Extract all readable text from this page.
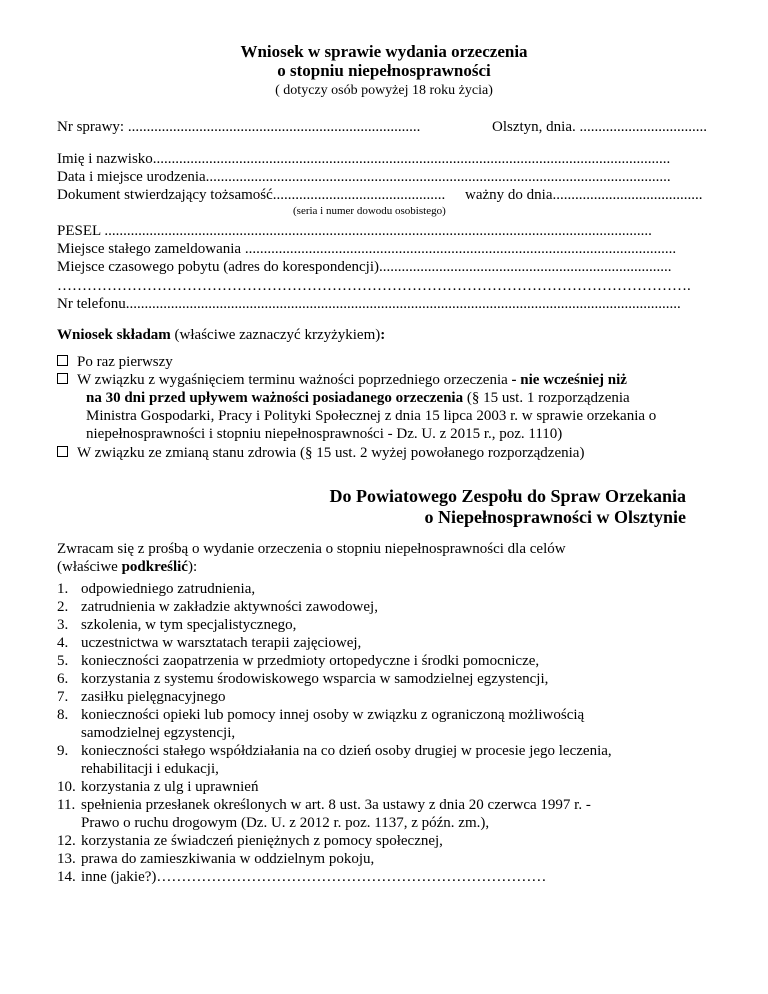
Wniosek w sprawie wydania orzeczenia
o stopniu niepełnosprawności
( dotyczy osób powyżej 18 roku życia)
Nr sprawy: ..............................................................................	Olsztyn, dnia. ..................................
Imię i nazwisko..........................................................................................................................................
Data i miejsce urodzenia............................................................................................................................
Dokument stwierdzający tożsamość.............................................. ważny do dnia........................................
(seria i numer dowodu osobistego)
PESEL ..................................................................................................................................................
Miejsce stałego zameldowania ...................................................................................................................
Miejsce czasowego pobytu (adres do korespondencji)..............................................................................
……………………………………………………………………………………………………………….
Nr telefonu....................................................................................................................................................
Wniosek składam (właściwe zaznaczyć krzyżykiem):
Po raz pierwszy
W związku z wygaśnięciem terminu ważności poprzedniego orzeczenia - nie wcześniej niż
na 30 dni przed upływem ważności posiadanego orzeczenia (§ 15 ust. 1 rozporządzenia
Ministra Gospodarki, Pracy i Polityki Społecznej z dnia 15 lipca 2003 r. w sprawie orzekania o
niepełnosprawności i stopniu niepełnosprawności - Dz. U. z 2015 r., poz. 1110)
W związku ze zmianą stanu zdrowia (§ 15 ust. 2 wyżej powołanego rozporządzenia)
Do Powiatowego Zespołu do Spraw Orzekania
o Niepełnosprawności w Olsztynie
Zwracam się z prośbą o wydanie orzeczenia o stopniu niepełnosprawności dla celów
(właściwe podkreślić):
1. odpowiedniego zatrudnienia,
2. zatrudnienia w zakładzie aktywności zawodowej,
3. szkolenia, w tym specjalistycznego,
4. uczestnictwa w warsztatach terapii zajęciowej,
5. konieczności zaopatrzenia w przedmioty ortopedyczne i środki pomocnicze,
6. korzystania z systemu środowiskowego wsparcia w samodzielnej egzystencji,
7. zasiłku pielęgnacyjnego
8. konieczności opieki lub pomocy innej osoby w związku z ograniczoną możliwością
samodzielnej egzystencji,
9. konieczności stałego współdziałania na co dzień osoby drugiej w procesie jego leczenia,
rehabilitacji i edukacji,
10. korzystania z ulg i uprawnień
11. spełnienia przesłanek określonych w art. 8 ust. 3a ustawy z dnia 20 czerwca 1997 r. -
Prawo o ruchu drogowym (Dz. U. z 2012 r. poz. 1137, z późn. zm.),
12. korzystania ze świadczeń pieniężnych z pomocy społecznej,
13. prawa do zamieszkiwania w oddzielnym pokoju,
14. inne (jakie?)……………………………………………………………………
